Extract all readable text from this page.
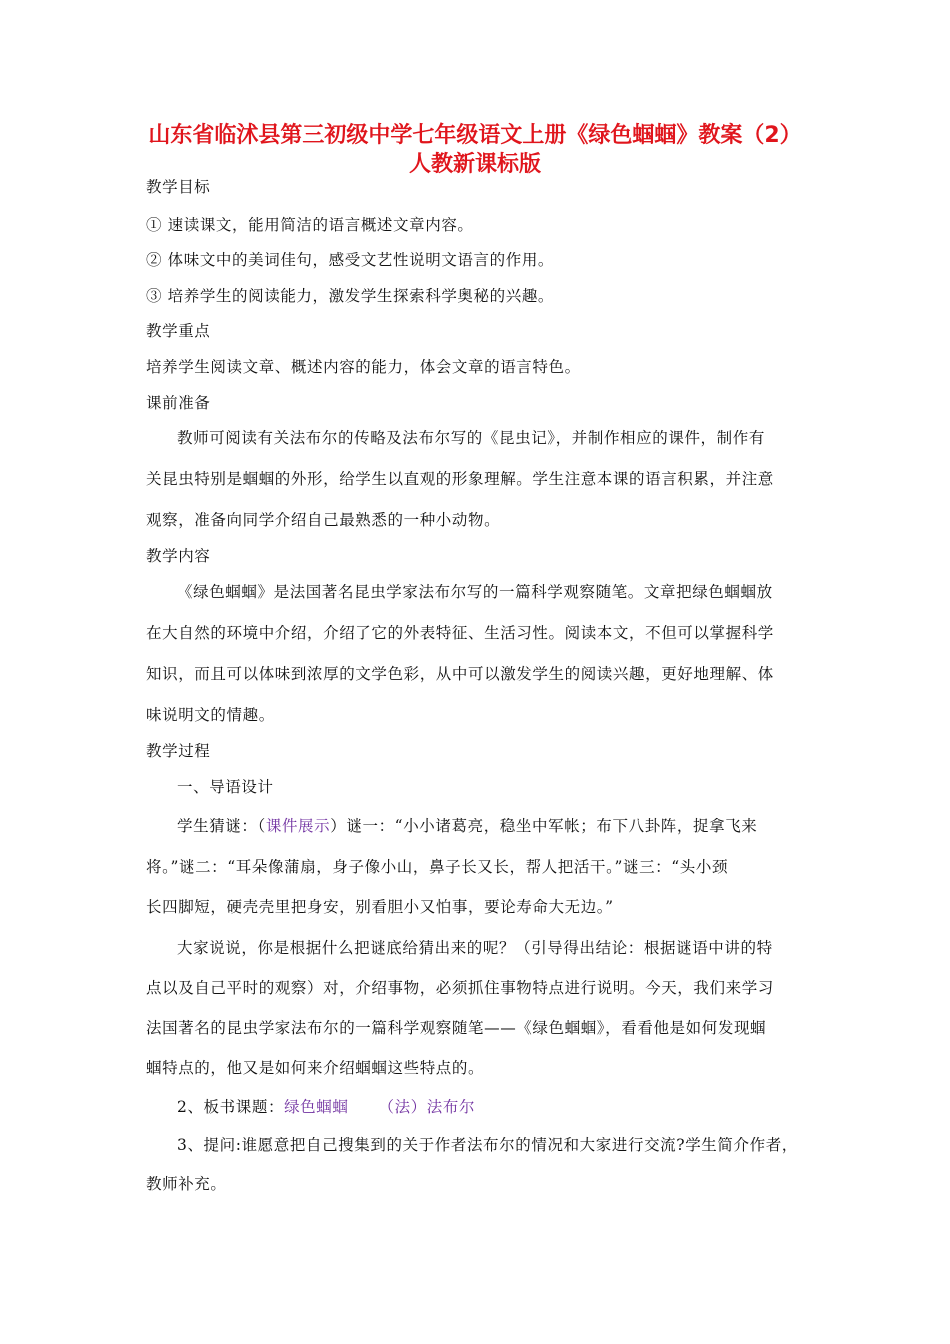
山东省临沭县第三初级中学七年级语文上册《绿色蝈蝈》教案（2）
人教新课标版
教学目标
① 速读课文，能用简洁的语言概述文章内容。
② 体味文中的美词佳句，感受文艺性说明文语言的作用。
③ 培养学生的阅读能力，激发学生探索科学奥秘的兴趣。
教学重点
培养学生阅读文章、概述内容的能力，体会文章的语言特色。
课前准备
教师可阅读有关法布尔的传略及法布尔写的《昆虫记》，并制作相应的课件，制作有
关昆虫特别是蝈蝈的外形，给学生以直观的形象理解。学生注意本课的语言积累，并注意
观察，准备向同学介绍自己最熟悉的一种小动物。
教学内容
《绿色蝈蝈》是法国著名昆虫学家法布尔写的一篇科学观察随笔。文章把绿色蝈蝈放
在大自然的环境中介绍，介绍了它的外表特征、生活习性。阅读本文，不但可以掌握科学
知识，而且可以体味到浓厚的文学色彩，从中可以激发学生的阅读兴趣，更好地理解、体
味说明文的情趣。
教学过程
一、导语设计
学生猜谜：（课件展示）谜一：“小小诸葛亮，稳坐中军帐；布下八卦阵，捉拿飞来
将。”谜二：“耳朵像蒲扇，身子像小山，鼻子长又长，帮人把活干。”谜三：“头小颈
长四脚短，硬壳壳里把身安，别看胆小又怕事，要论寿命大无边。”
大家说说，你是根据什么把谜底给猜出来的呢？（引导得出结论：根据谜语中讲的特
点以及自己平时的观察）对，介绍事物，必须抓住事物特点进行说明。今天，我们来学习
法国著名的昆虫学家法布尔的一篇科学观察随笔——《绿色蝈蝈》，看看他是如何发现蝈
蝈特点的，他又是如何来介绍蝈蝈这些特点的。
2、板书课题：绿色蝈蝈 （法）法布尔
3、提问:谁愿意把自己搜集到的关于作者法布尔的情况和大家进行交流?学生简介作者，
教师补充。
